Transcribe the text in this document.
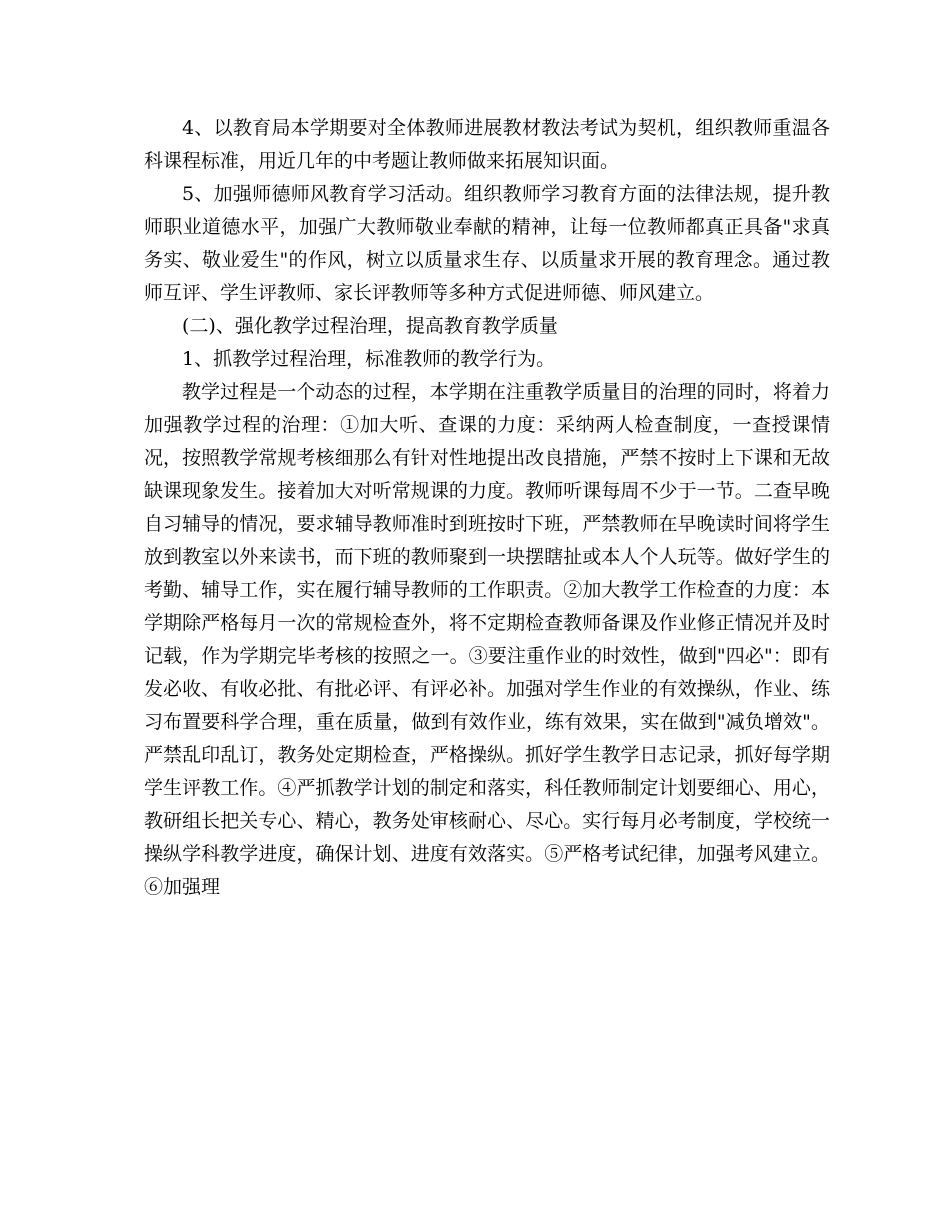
4、以教育局本学期要对全体教师进展教材教法考试为契机，组织教师重温各科课程标准，用近几年的中考题让教师做来拓展知识面。

5、加强师德师风教育学习活动。组织教师学习教育方面的法律法规，提升教师职业道德水平，加强广大教师敬业奉献的精神，让每一位教师都真正具备"求真务实、敬业爱生"的作风，树立以质量求生存、以质量求开展的教育理念。通过教师互评、学生评教师、家长评教师等多种方式促进师德、师风建立。

(二)、强化教学过程治理，提高教育教学质量

1、抓教学过程治理，标准教师的教学行为。

教学过程是一个动态的过程，本学期在注重教学质量目的治理的同时，将着力加强教学过程的治理：①加大听、查课的力度：采纳两人检查制度，一查授课情况，按照教学常规考核细那么有针对性地提出改良措施，严禁不按时上下课和无故缺课现象发生。接着加大对听常规课的力度。教师听课每周不少于一节。二查早晚自习辅导的情况，要求辅导教师准时到班按时下班，严禁教师在早晚读时间将学生放到教室以外来读书，而下班的教师聚到一块摆瞎扯或本人个人玩等。做好学生的考勤、辅导工作，实在履行辅导教师的工作职责。②加大教学工作检查的力度：本学期除严格每月一次的常规检查外，将不定期检查教师备课及作业修正情况并及时记载，作为学期完毕考核的按照之一。③要注重作业的时效性，做到"四必"：即有发必收、有收必批、有批必评、有评必补。加强对学生作业的有效操纵，作业、练习布置要科学合理，重在质量，做到有效作业，练有效果，实在做到"减负增效"。严禁乱印乱订，教务处定期检查，严格操纵。抓好学生教学日志记录，抓好每学期学生评教工作。④严抓教学计划的制定和落实，科任教师制定计划要细心、用心，教研组长把关专心、精心，教务处审核耐心、尽心。实行每月必考制度，学校统一操纵学科教学进度，确保计划、进度有效落实。⑤严格考试纪律，加强考风建立。⑥加强理
